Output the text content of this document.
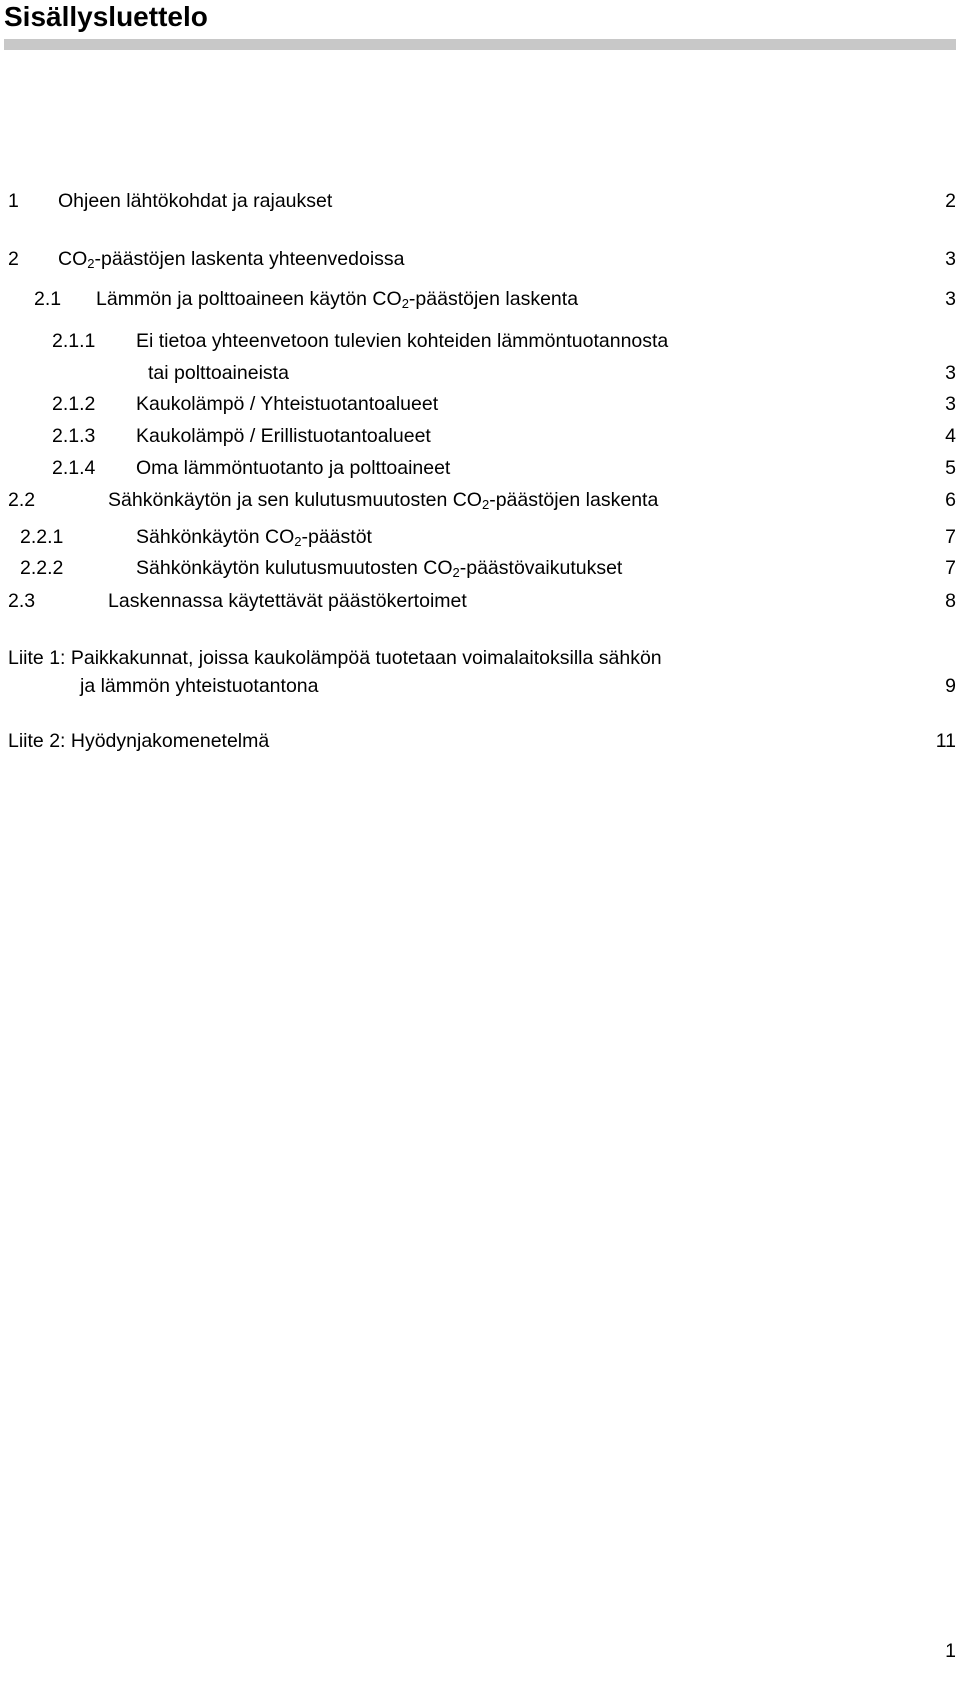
Sisällysluettelo
1 Ohjeen lähtökohdat ja rajaukset	2
2 $CO_2$-päästöjen laskenta yhteenvedoissa	3
2.1 Lämmön ja polttoaineen käytön $CO_2$-päästöjen laskenta	3
2.1.1 Ei tietoa yhteenvetoon tulevien kohteiden lämmöntuotannosta
tai polttoaineista	3
2.1.2 Kaukolämpö / Yhteistuotantoalueet	3
2.1.3 Kaukolämpö / Erillistuotantoalueet	4
2.1.4 Oma lämmöntuotanto ja polttoaineet	5
2.2	Sähkönkäytön ja sen kulutusmuutosten $CO_2$-päästöjen laskenta	6
2.2.1	Sähkönkäytön $CO_2$-päästöt	7
2.2.2	Sähkönkäytön kulutusmuutosten $CO_2$-päästövaikutukset	7
2.3	Laskennassa käytettävät päästökertoimet	8
Liite 1: Paikkakunnat, joissa kaukolämpöä tuotetaan voimalaitoksilla sähkön
ja lämmön yhteistuotantona	9
Liite 2: Hyödynjakomenetelmä	11
1
